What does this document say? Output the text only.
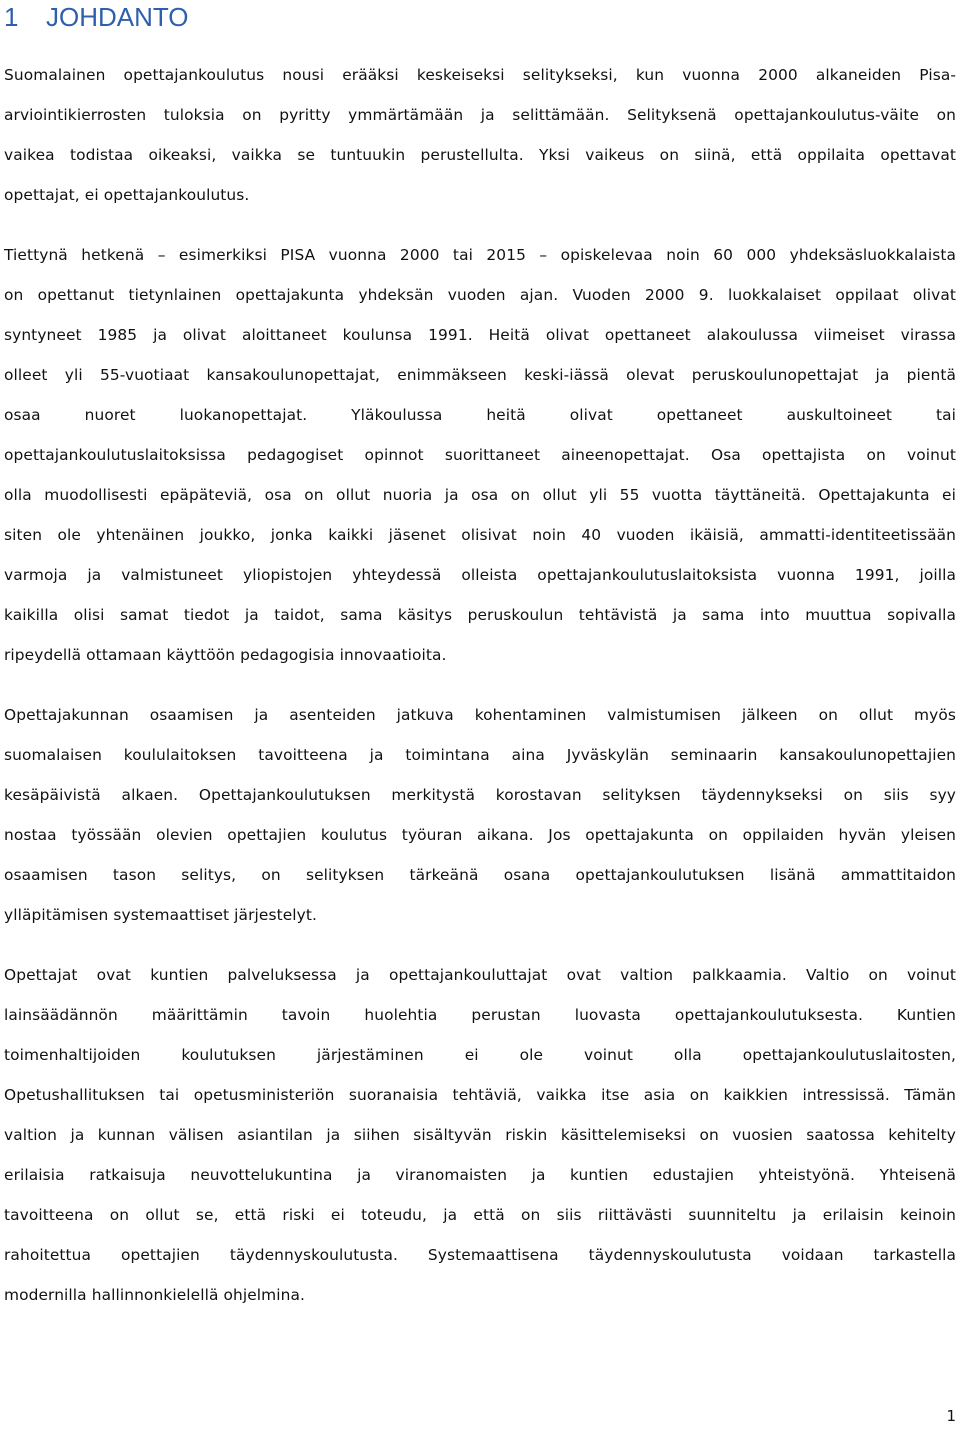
1 JOHDANTO
Suomalainen opettajankoulutus nousi erääksi keskeiseksi selitykseksi, kun vuonna 2000 alkaneiden Pisa-
arviointikierrosten tuloksia on pyritty ymmärtämään ja selittämään. Selityksenä opettajankoulutus-väite on
vaikea todistaa oikeaksi, vaikka se tuntuukin perustellulta. Yksi vaikeus on siinä, että oppilaita opettavat
opettajat, ei opettajankoulutus.
Tiettynä hetkenä – esimerkiksi PISA vuonna 2000 tai 2015 – opiskelevaa noin 60 000 yhdeksäsluokkalaista
on opettanut tietynlainen opettajakunta yhdeksän vuoden ajan. Vuoden 2000 9. luokkalaiset oppilaat olivat
syntyneet 1985 ja olivat aloittaneet koulunsa 1991. Heitä olivat opettaneet alakoulussa viimeiset virassa
olleet yli 55-vuotiaat kansakoulunopettajat, enimmäkseen keski-iässä olevat peruskoulunopettajat ja pientä
osaa nuoret luokanopettajat. Yläkoulussa heitä olivat opettaneet auskultoineet tai
opettajankoulutuslaitoksissa pedagogiset opinnot suorittaneet aineenopettajat. Osa opettajista on voinut
olla muodollisesti epäpäteviä, osa on ollut nuoria ja osa on ollut yli 55 vuotta täyttäneitä. Opettajakunta ei
siten ole yhtenäinen joukko, jonka kaikki jäsenet olisivat noin 40 vuoden ikäisiä, ammatti-identiteetissään
varmoja ja valmistuneet yliopistojen yhteydessä olleista opettajankoulutuslaitoksista vuonna 1991, joilla
kaikilla olisi samat tiedot ja taidot, sama käsitys peruskoulun tehtävistä ja sama into muuttua sopivalla
ripeydellä ottamaan käyttöön pedagogisia innovaatioita.
Opettajakunnan osaamisen ja asenteiden jatkuva kohentaminen valmistumisen jälkeen on ollut myös
suomalaisen koululaitoksen tavoitteena ja toimintana aina Jyväskylän seminaarin kansakoulunopettajien
kesäpäivistä alkaen. Opettajankoulutuksen merkitystä korostavan selityksen täydennykseksi on siis syy
nostaa työssään olevien opettajien koulutus työuran aikana. Jos opettajakunta on oppilaiden hyvän yleisen
osaamisen tason selitys, on selityksen tärkeänä osana opettajankoulutuksen lisänä ammattitaidon
ylläpitämisen systemaattiset järjestelyt.
Opettajat ovat kuntien palveluksessa ja opettajankouluttajat ovat valtion palkkaamia. Valtio on voinut
lainsäädännön määrittämin tavoin huolehtia perustan luovasta opettajankoulutuksesta. Kuntien
toimenhaltijoiden koulutuksen järjestäminen ei ole voinut olla opettajankoulutuslaitosten,
Opetushallituksen tai opetusministeriön suoranaisia tehtäviä, vaikka itse asia on kaikkien intressissä. Tämän
valtion ja kunnan välisen asiantilan ja siihen sisältyvän riskin käsittelemiseksi on vuosien saatossa kehitelty
erilaisia ratkaisuja neuvottelukuntina ja viranomaisten ja kuntien edustajien yhteistyönä. Yhteisenä
tavoitteena on ollut se, että riski ei toteudu, ja että on siis riittävästi suunniteltu ja erilaisin keinoin
rahoitettua opettajien täydennyskoulutusta. Systemaattisena täydennyskoulutusta voidaan tarkastella
modernilla hallinnonkielellä ohjelmina.
1
